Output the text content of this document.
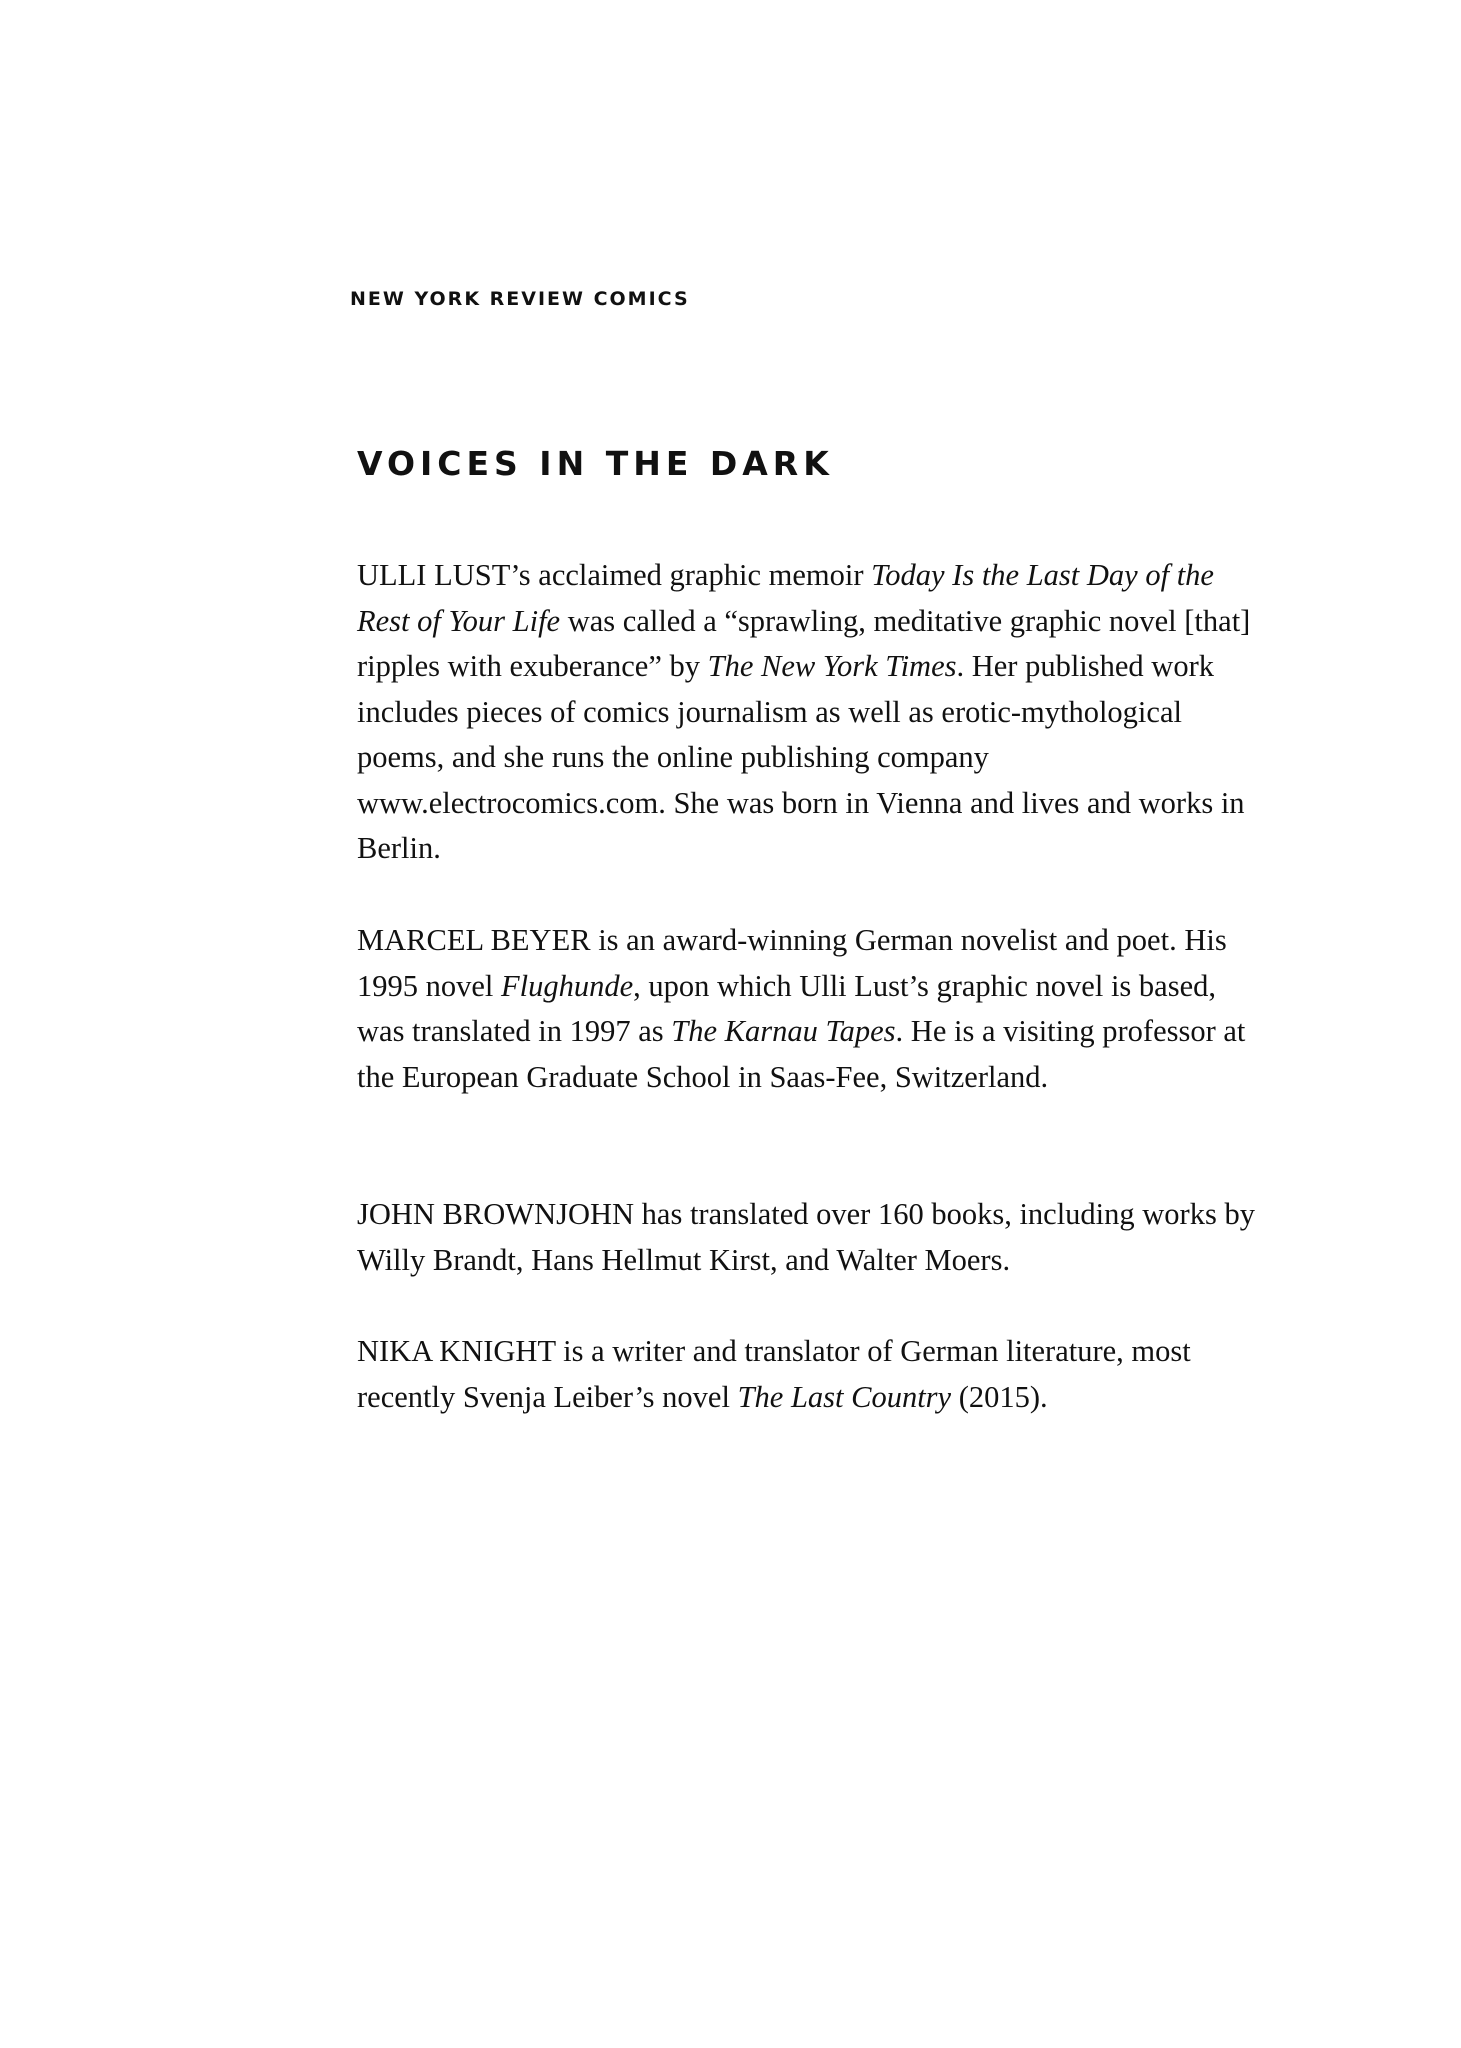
NEW YORK REVIEW COMICS

VOICES IN THE DARK

ULLI LUST’s acclaimed graphic memoir Today Is the Last Day of the Rest of Your Life was called a “sprawling, meditative graphic novel [that] ripples with exuberance” by The New York Times. Her published work includes pieces of comics journalism as well as erotic-mythological poems, and she runs the online publishing company www.electrocomics.com. She was born in Vienna and lives and works in Berlin.

MARCEL BEYER is an award-winning German novelist and poet. His 1995 novel Flughunde, upon which Ulli Lust’s graphic novel is based, was translated in 1997 as The Karnau Tapes. He is a visiting professor at the European Graduate School in Saas-Fee, Switzerland.

JOHN BROWNJOHN has translated over 160 books, including works by Willy Brandt, Hans Hellmut Kirst, and Walter Moers.

NIKA KNIGHT is a writer and translator of German literature, most recently Svenja Leiber’s novel The Last Country (2015).
